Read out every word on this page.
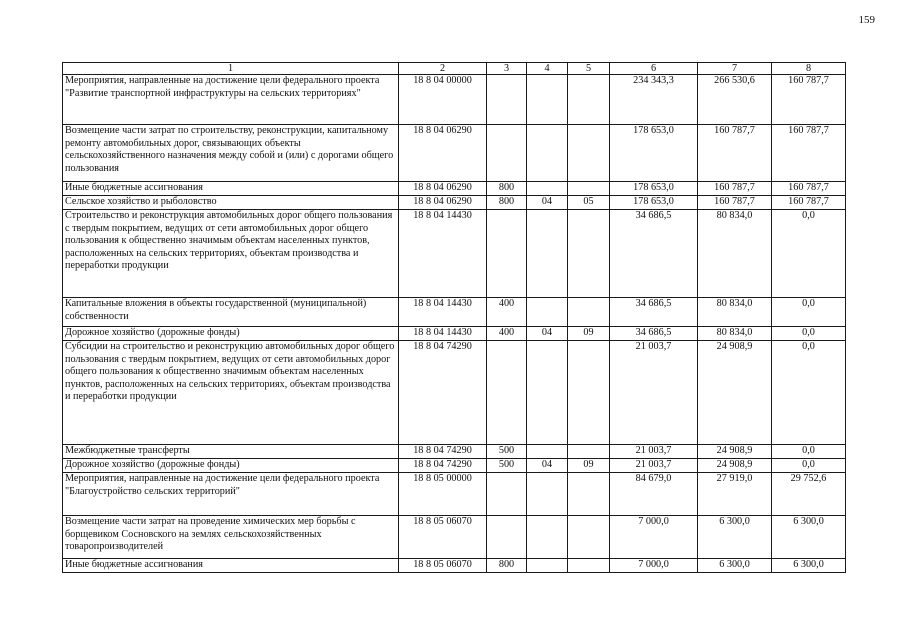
159
1	2	3	4	5	6	7	8
Мероприятия, направленные на достижение цели федерального проекта "Развитие транспортной инфраструктуры на сельских территориях"	18 8 04 00000				234 343,3	266 530,6	160 787,7
Возмещение части затрат по строительству, реконструкции, капитальному ремонту автомобильных дорог, связывающих объекты сельскохозяйственного назначения между собой и (или) с дорогами общего пользования	18 8 04 06290				178 653,0	160 787,7	160 787,7
Иные бюджетные ассигнования	18 8 04 06290	800			178 653,0	160 787,7	160 787,7
Сельское хозяйство и рыболовство	18 8 04 06290	800	04	05	178 653,0	160 787,7	160 787,7
Строительство и реконструкция автомобильных дорог общего пользования с твердым покрытием, ведущих от сети автомобильных дорог общего пользования к общественно значимым объектам населенных пунктов, расположенных на сельских территориях, объектам производства и переработки продукции	18 8 04 14430				34 686,5	80 834,0	0,0
Капитальные вложения в объекты государственной (муниципальной) собственности	18 8 04 14430	400			34 686,5	80 834,0	0,0
Дорожное хозяйство (дорожные фонды)	18 8 04 14430	400	04	09	34 686,5	80 834,0	0,0
Субсидии на строительство и реконструкцию автомобильных дорог общего пользования с твердым покрытием, ведущих от сети автомобильных дорог общего пользования к общественно значимым объектам населенных пунктов, расположенных на сельских территориях, объектам производства и переработки продукции	18 8 04 74290				21 003,7	24 908,9	0,0
Межбюджетные трансферты	18 8 04 74290	500			21 003,7	24 908,9	0,0
Дорожное хозяйство (дорожные фонды)	18 8 04 74290	500	04	09	21 003,7	24 908,9	0,0
Мероприятия, направленные на достижение цели федерального проекта "Благоустройство сельских территорий"	18 8 05 00000				84 679,0	27 919,0	29 752,6
Возмещение части затрат на проведение химических мер борьбы с борщевиком Сосновского на землях сельскохозяйственных товаропроизводителей	18 8 05 06070				7 000,0	6 300,0	6 300,0
Иные бюджетные ассигнования	18 8 05 06070	800			7 000,0	6 300,0	6 300,0
